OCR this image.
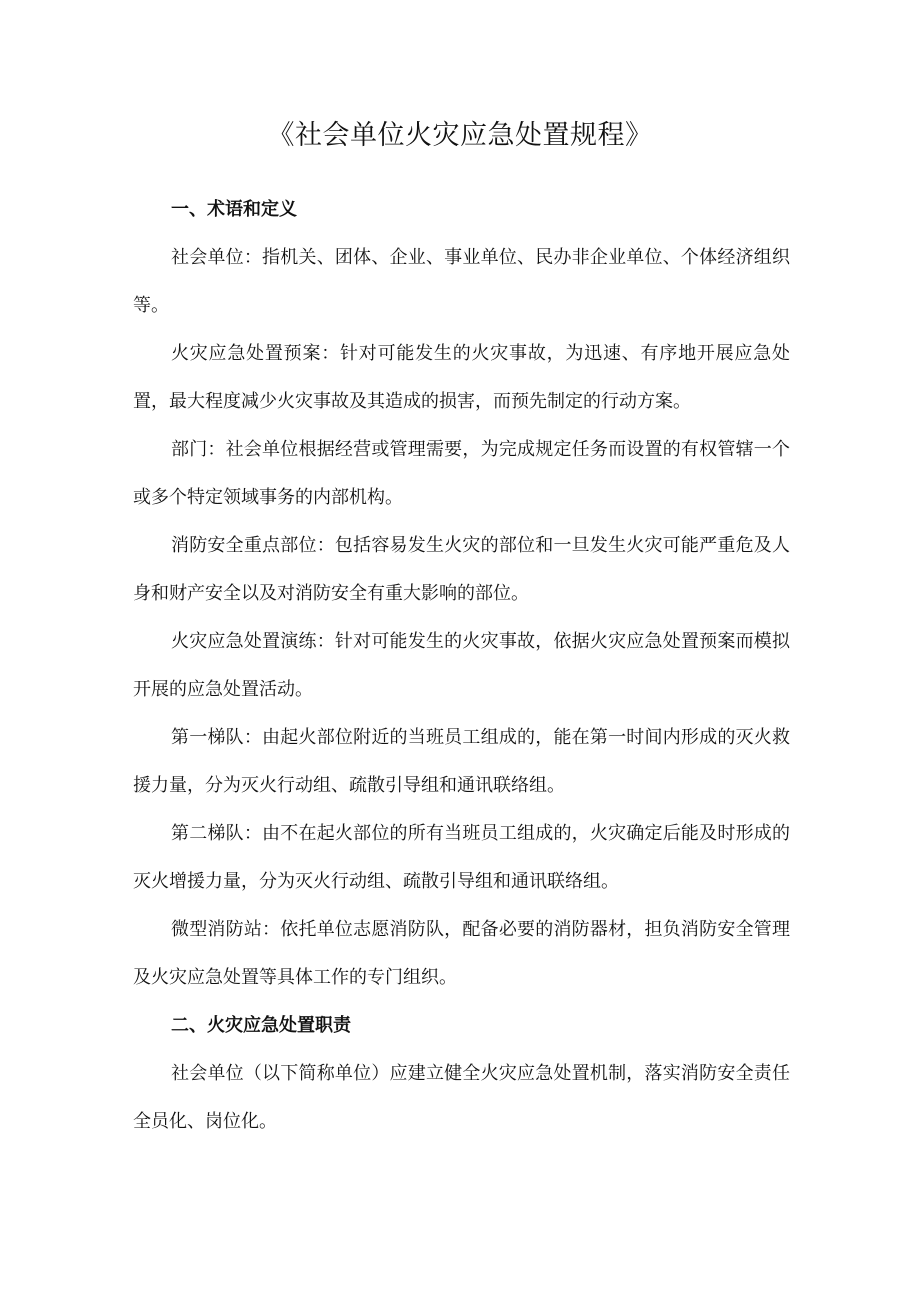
《社会单位火灾应急处置规程》
一、术语和定义

社会单位：指机关、团体、企业、事业单位、民办非企业单位、个体经济组织等。

火灾应急处置预案：针对可能发生的火灾事故，为迅速、有序地开展应急处置，最大程度减少火灾事故及其造成的损害，而预先制定的行动方案。

部门：社会单位根据经营或管理需要，为完成规定任务而设置的有权管辖一个或多个特定领域事务的内部机构。

消防安全重点部位：包括容易发生火灾的部位和一旦发生火灾可能严重危及人身和财产安全以及对消防安全有重大影响的部位。

火灾应急处置演练：针对可能发生的火灾事故，依据火灾应急处置预案而模拟开展的应急处置活动。

第一梯队：由起火部位附近的当班员工组成的，能在第一时间内形成的灭火救援力量，分为灭火行动组、疏散引导组和通讯联络组。

第二梯队：由不在起火部位的所有当班员工组成的，火灾确定后能及时形成的灭火增援力量，分为灭火行动组、疏散引导组和通讯联络组。

微型消防站：依托单位志愿消防队，配备必要的消防器材，担负消防安全管理及火灾应急处置等具体工作的专门组织。

二、火灾应急处置职责

社会单位（以下简称单位）应建立健全火灾应急处置机制，落实消防安全责任全员化、岗位化。
